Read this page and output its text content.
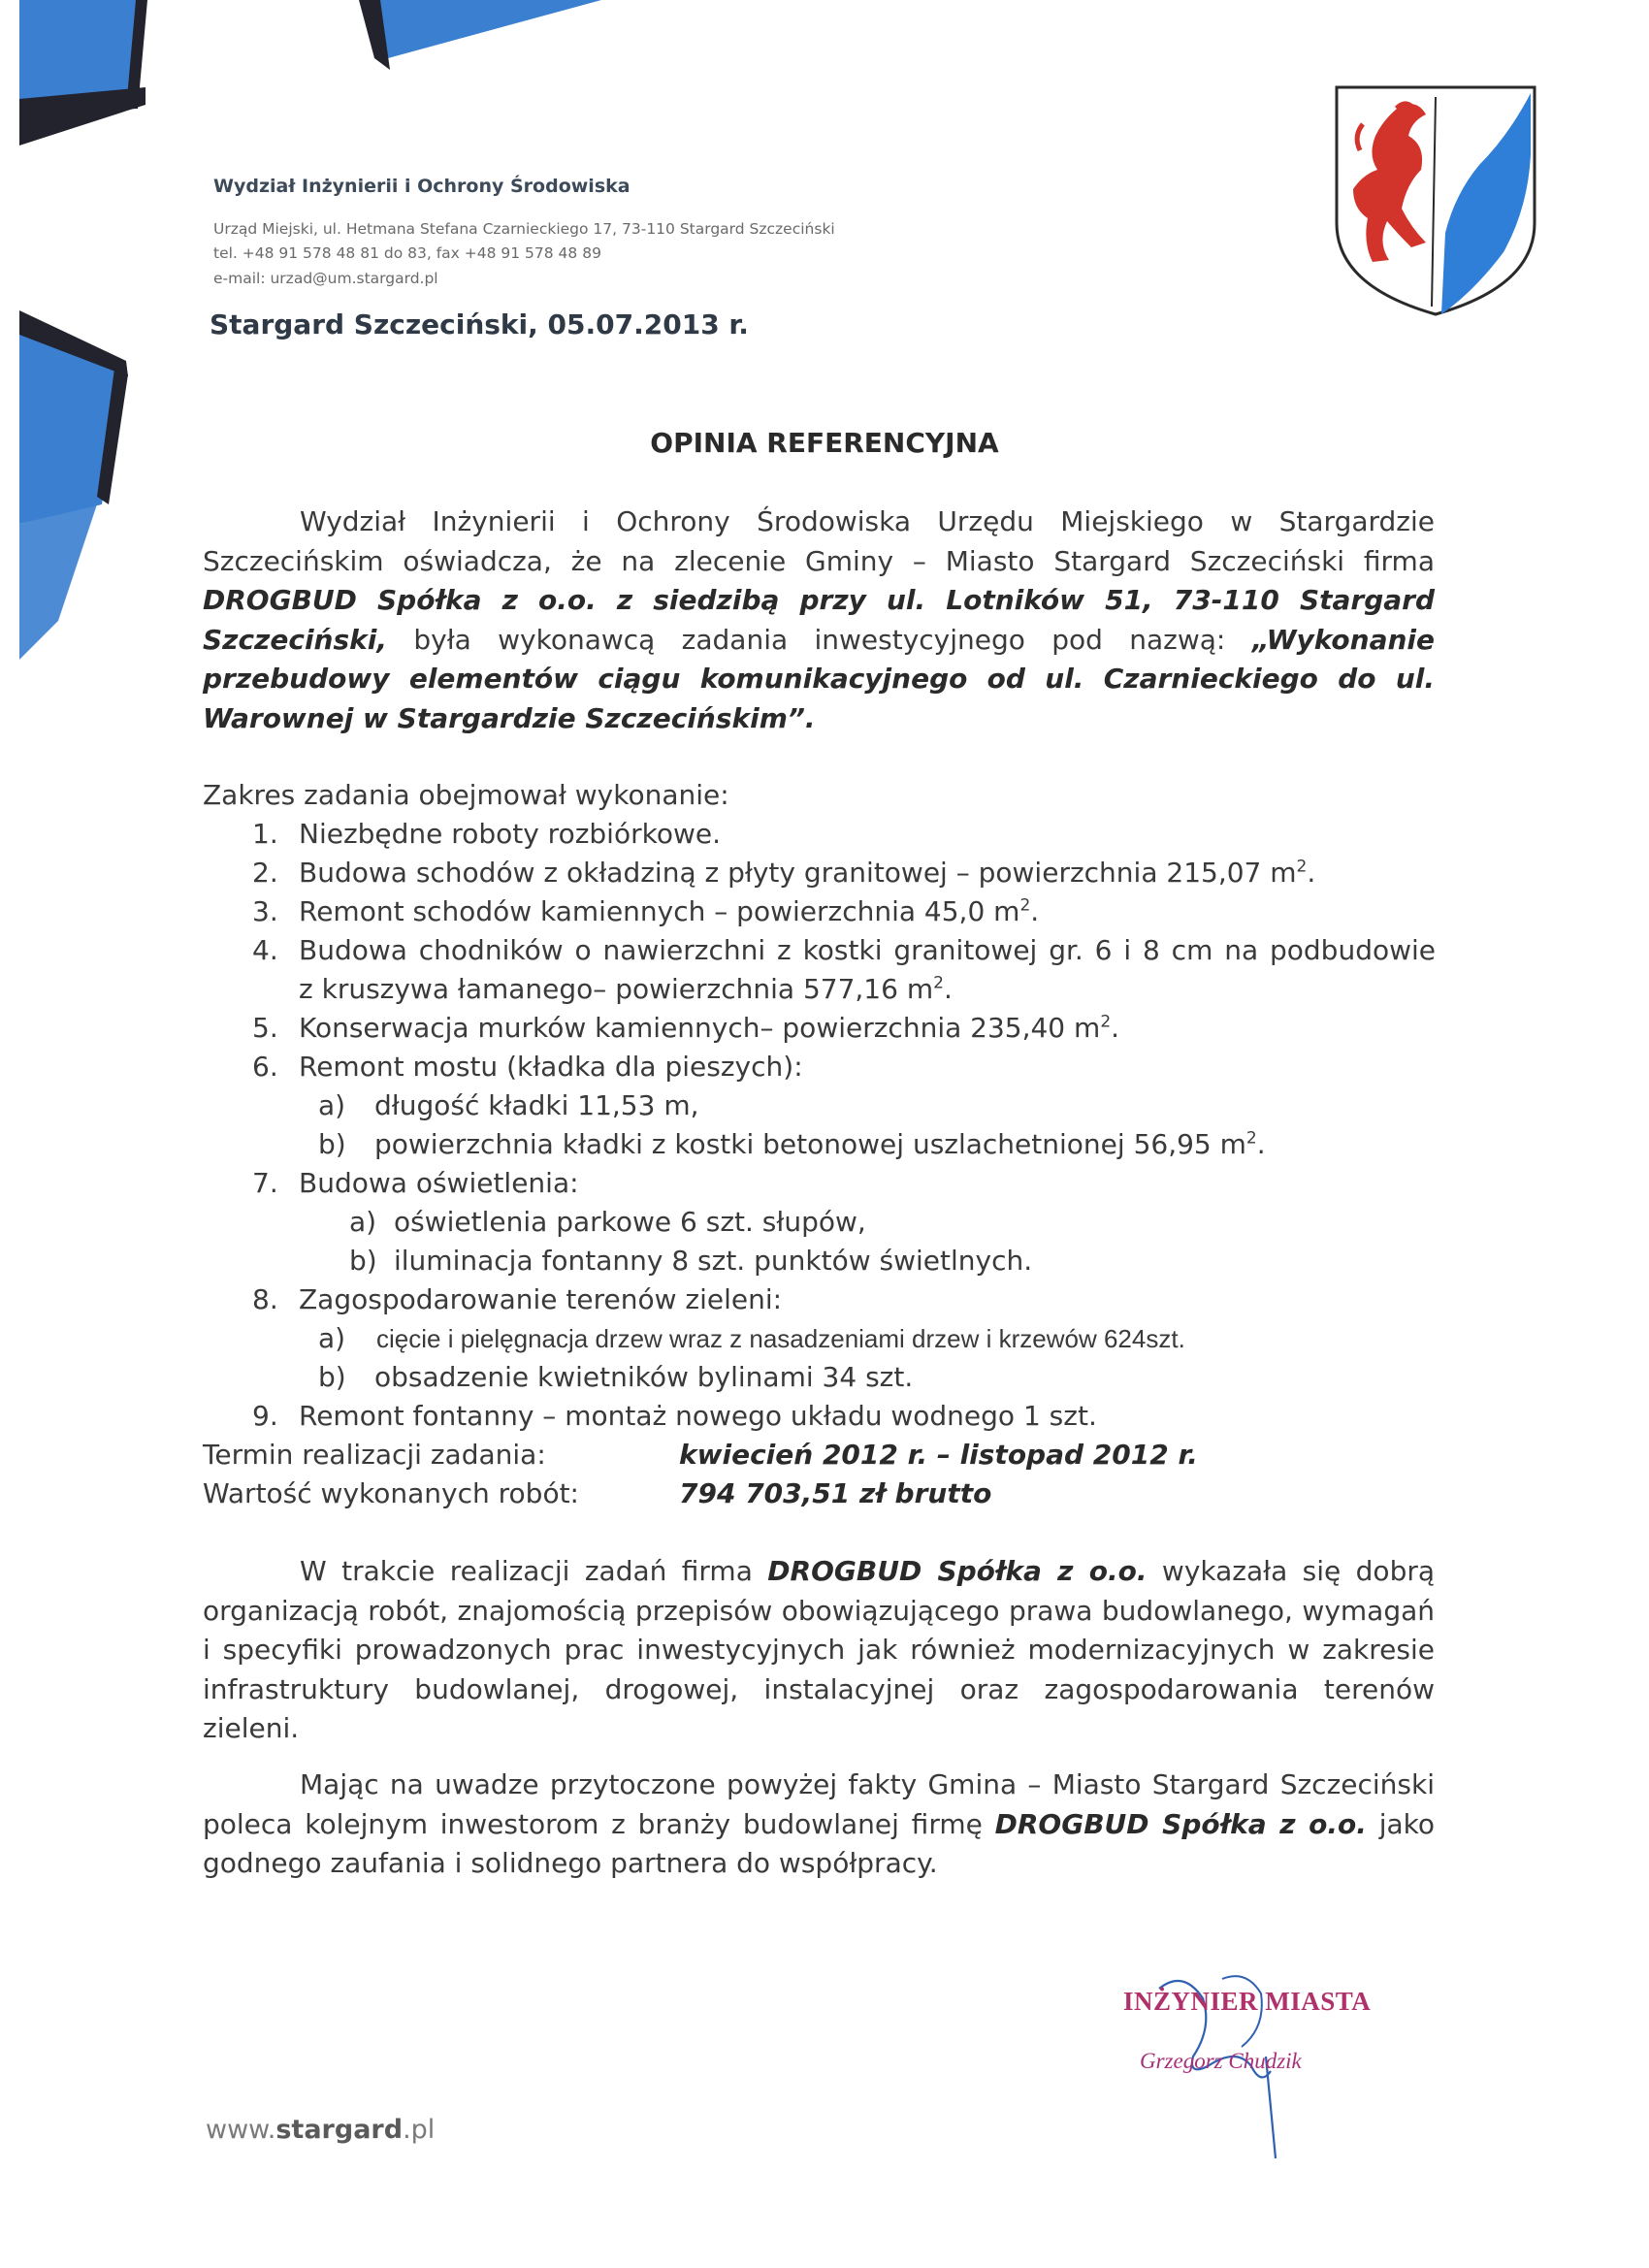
Wydział Inżynierii i Ochrony Środowiska
Urząd Miejski, ul. Hetmana Stefana Czarnieckiego 17, 73-110 Stargard Szczeciński
tel. +48 91 578 48 81 do 83, fax +48 91 578 48 89
e-mail: urzad@um.stargard.pl
Stargard Szczeciński, 05.07.2013 r.
OPINIA REFERENCYJNA
Wydział Inżynierii i Ochrony Środowiska Urzędu Miejskiego w Stargardzie Szczecińskim oświadcza, że na zlecenie Gminy – Miasto Stargard Szczeciński firma DROGBUD Spółka z o.o. z siedzibą przy ul. Lotników 51, 73-110 Stargard Szczeciński, była wykonawcą zadania inwestycyjnego pod nazwą: „Wykonanie przebudowy elementów ciągu komunikacyjnego od ul. Czarnieckiego do ul. Warownej w Stargardzie Szczecińskim”.
Zakres zadania obejmował wykonanie:
1. Niezbędne roboty rozbiórkowe.
2. Budowa schodów z okładziną z płyty granitowej – powierzchnia 215,07 $m^2$.
3. Remont schodów kamiennych – powierzchnia 45,0 $m^2$.
4. Budowa chodników o nawierzchni z kostki granitowej gr. 6 i 8 cm na podbudowie
z kruszywa łamanego– powierzchnia 577,16 $m^2$.
5. Konserwacja murków kamiennych– powierzchnia 235,40 $m^2$.
6. Remont mostu (kładka dla pieszych):
a) długość kładki 11,53 m,
b) powierzchnia kładki z kostki betonowej uszlachetnionej 56,95 $m^2$.
7. Budowa oświetlenia:
a) oświetlenia parkowe 6 szt. słupów,
b) iluminacja fontanny 8 szt. punktów świetlnych.
8. Zagospodarowanie terenów zieleni:
a) cięcie i pielęgnacja drzew wraz z nasadzeniami drzew i krzewów 624szt.
b) obsadzenie kwietników bylinami 34 szt.
9. Remont fontanny – montaż nowego układu wodnego 1 szt.
Termin realizacji zadania:	kwiecień 2012 r. – listopad 2012 r.
Wartość wykonanych robót:	794 703,51 zł brutto
W trakcie realizacji zadań firma DROGBUD Spółka z o.o. wykazała się dobrą organizacją robót, znajomością przepisów obowiązującego prawa budowlanego, wymagań i specyfiki prowadzonych prac inwestycyjnych jak również modernizacyjnych w zakresie infrastruktury budowlanej, drogowej, instalacyjnej oraz zagospodarowania terenów zieleni.
Mając na uwadze przytoczone powyżej fakty Gmina – Miasto Stargard Szczeciński poleca kolejnym inwestorom z branży budowlanej firmę DROGBUD Spółka z o.o. jako godnego zaufania i solidnego partnera do współpracy.
INŻYNIER MIASTA
Grzegorz Chudzik
www.stargard.pl
